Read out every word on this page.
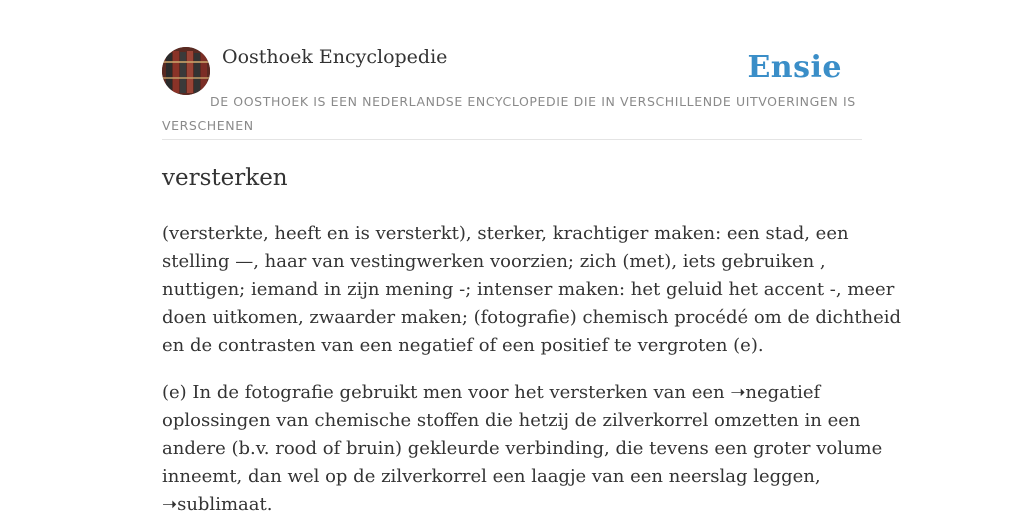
Oosthoek Encyclopedie	Ensie
DE OOSTHOEK IS EEN NEDERLANDSE ENCYCLOPEDIE DIE IN VERSCHILLENDE UITVOERINGEN IS VERSCHENEN
versterken
(versterkte, heeft en is versterkt), sterker, krachtiger maken: een stad, een
stelling —, haar van vestingwerken voorzien; zich (met), iets gebruiken ,
nuttigen; iemand in zijn mening -; intenser maken: het geluid het accent -, meer
doen uitkomen, zwaarder maken; (fotografie) chemisch procédé om de dichtheid
en de contrasten van een negatief of een positief te vergroten (e).
(e) In de fotografie gebruikt men voor het versterken van een ➝negatief
oplossingen van chemische stoffen die hetzij de zilverkorrel omzetten in een
andere (b.v. rood of bruin) gekleurde verbinding, die tevens een groter volume
inneemt, dan wel op de zilverkorrel een laagje van een neerslag leggen,
➝sublimaat.
